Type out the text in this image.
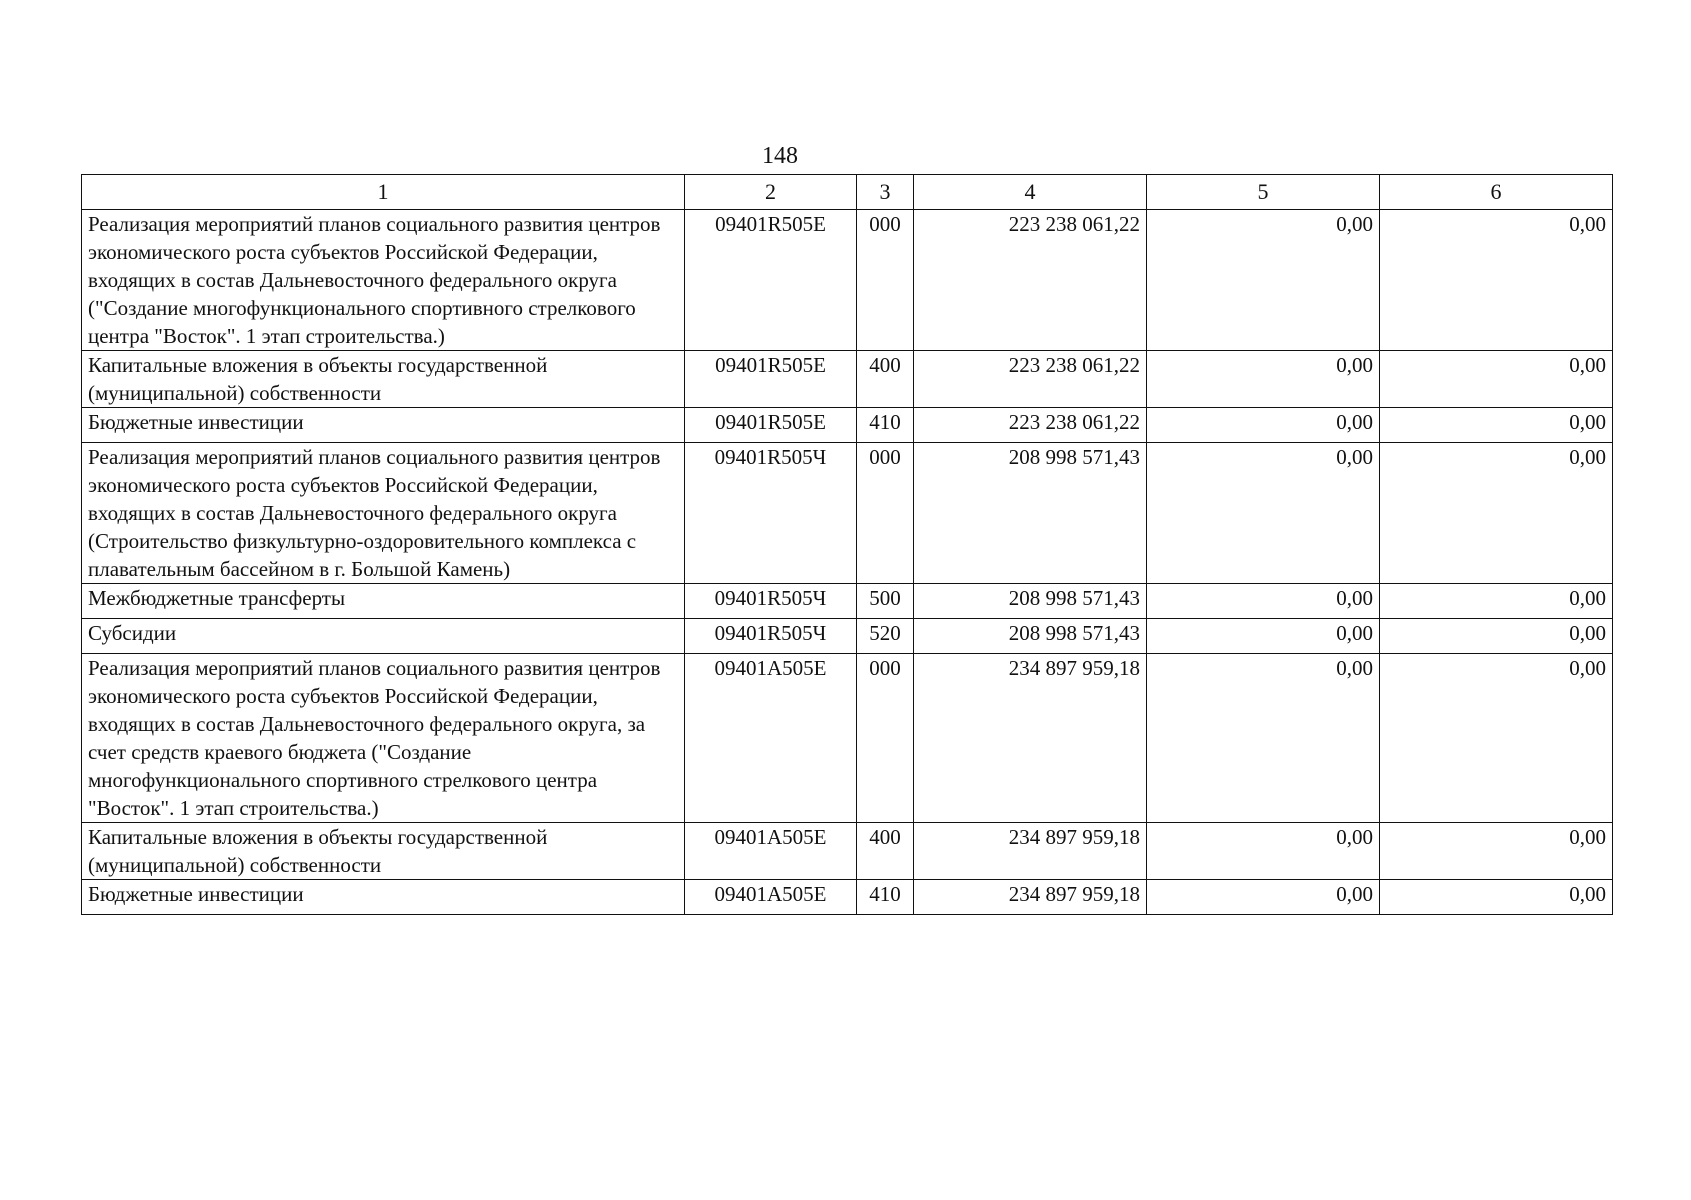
148
1	2	3	4	5	6
Реализация мероприятий планов социального развития центров экономического роста субъектов Российской Федерации, входящих в состав Дальневосточного федерального округа ("Создание многофункционального спортивного стрелкового центра "Восток". 1 этап строительства.)	09401R505E	000	223 238 061,22	0,00	0,00
Капитальные вложения в объекты государственной (муниципальной) собственности	09401R505E	400	223 238 061,22	0,00	0,00
Бюджетные инвестиции	09401R505E	410	223 238 061,22	0,00	0,00
Реализация мероприятий планов социального развития центров экономического роста субъектов Российской Федерации, входящих в состав Дальневосточного федерального округа (Строительство физкультурно-оздоровительного комплекса с плавательным бассейном в г. Большой Камень)	09401R505Ч	000	208 998 571,43	0,00	0,00
Межбюджетные трансферты	09401R505Ч	500	208 998 571,43	0,00	0,00
Субсидии	09401R505Ч	520	208 998 571,43	0,00	0,00
Реализация мероприятий планов социального развития центров экономического роста субъектов Российской Федерации, входящих в состав Дальневосточного федерального округа, за счет средств краевого бюджета ("Создание многофункционального спортивного стрелкового центра "Восток". 1 этап строительства.)	09401A505E	000	234 897 959,18	0,00	0,00
Капитальные вложения в объекты государственной (муниципальной) собственности	09401A505E	400	234 897 959,18	0,00	0,00
Бюджетные инвестиции	09401A505E	410	234 897 959,18	0,00	0,00
